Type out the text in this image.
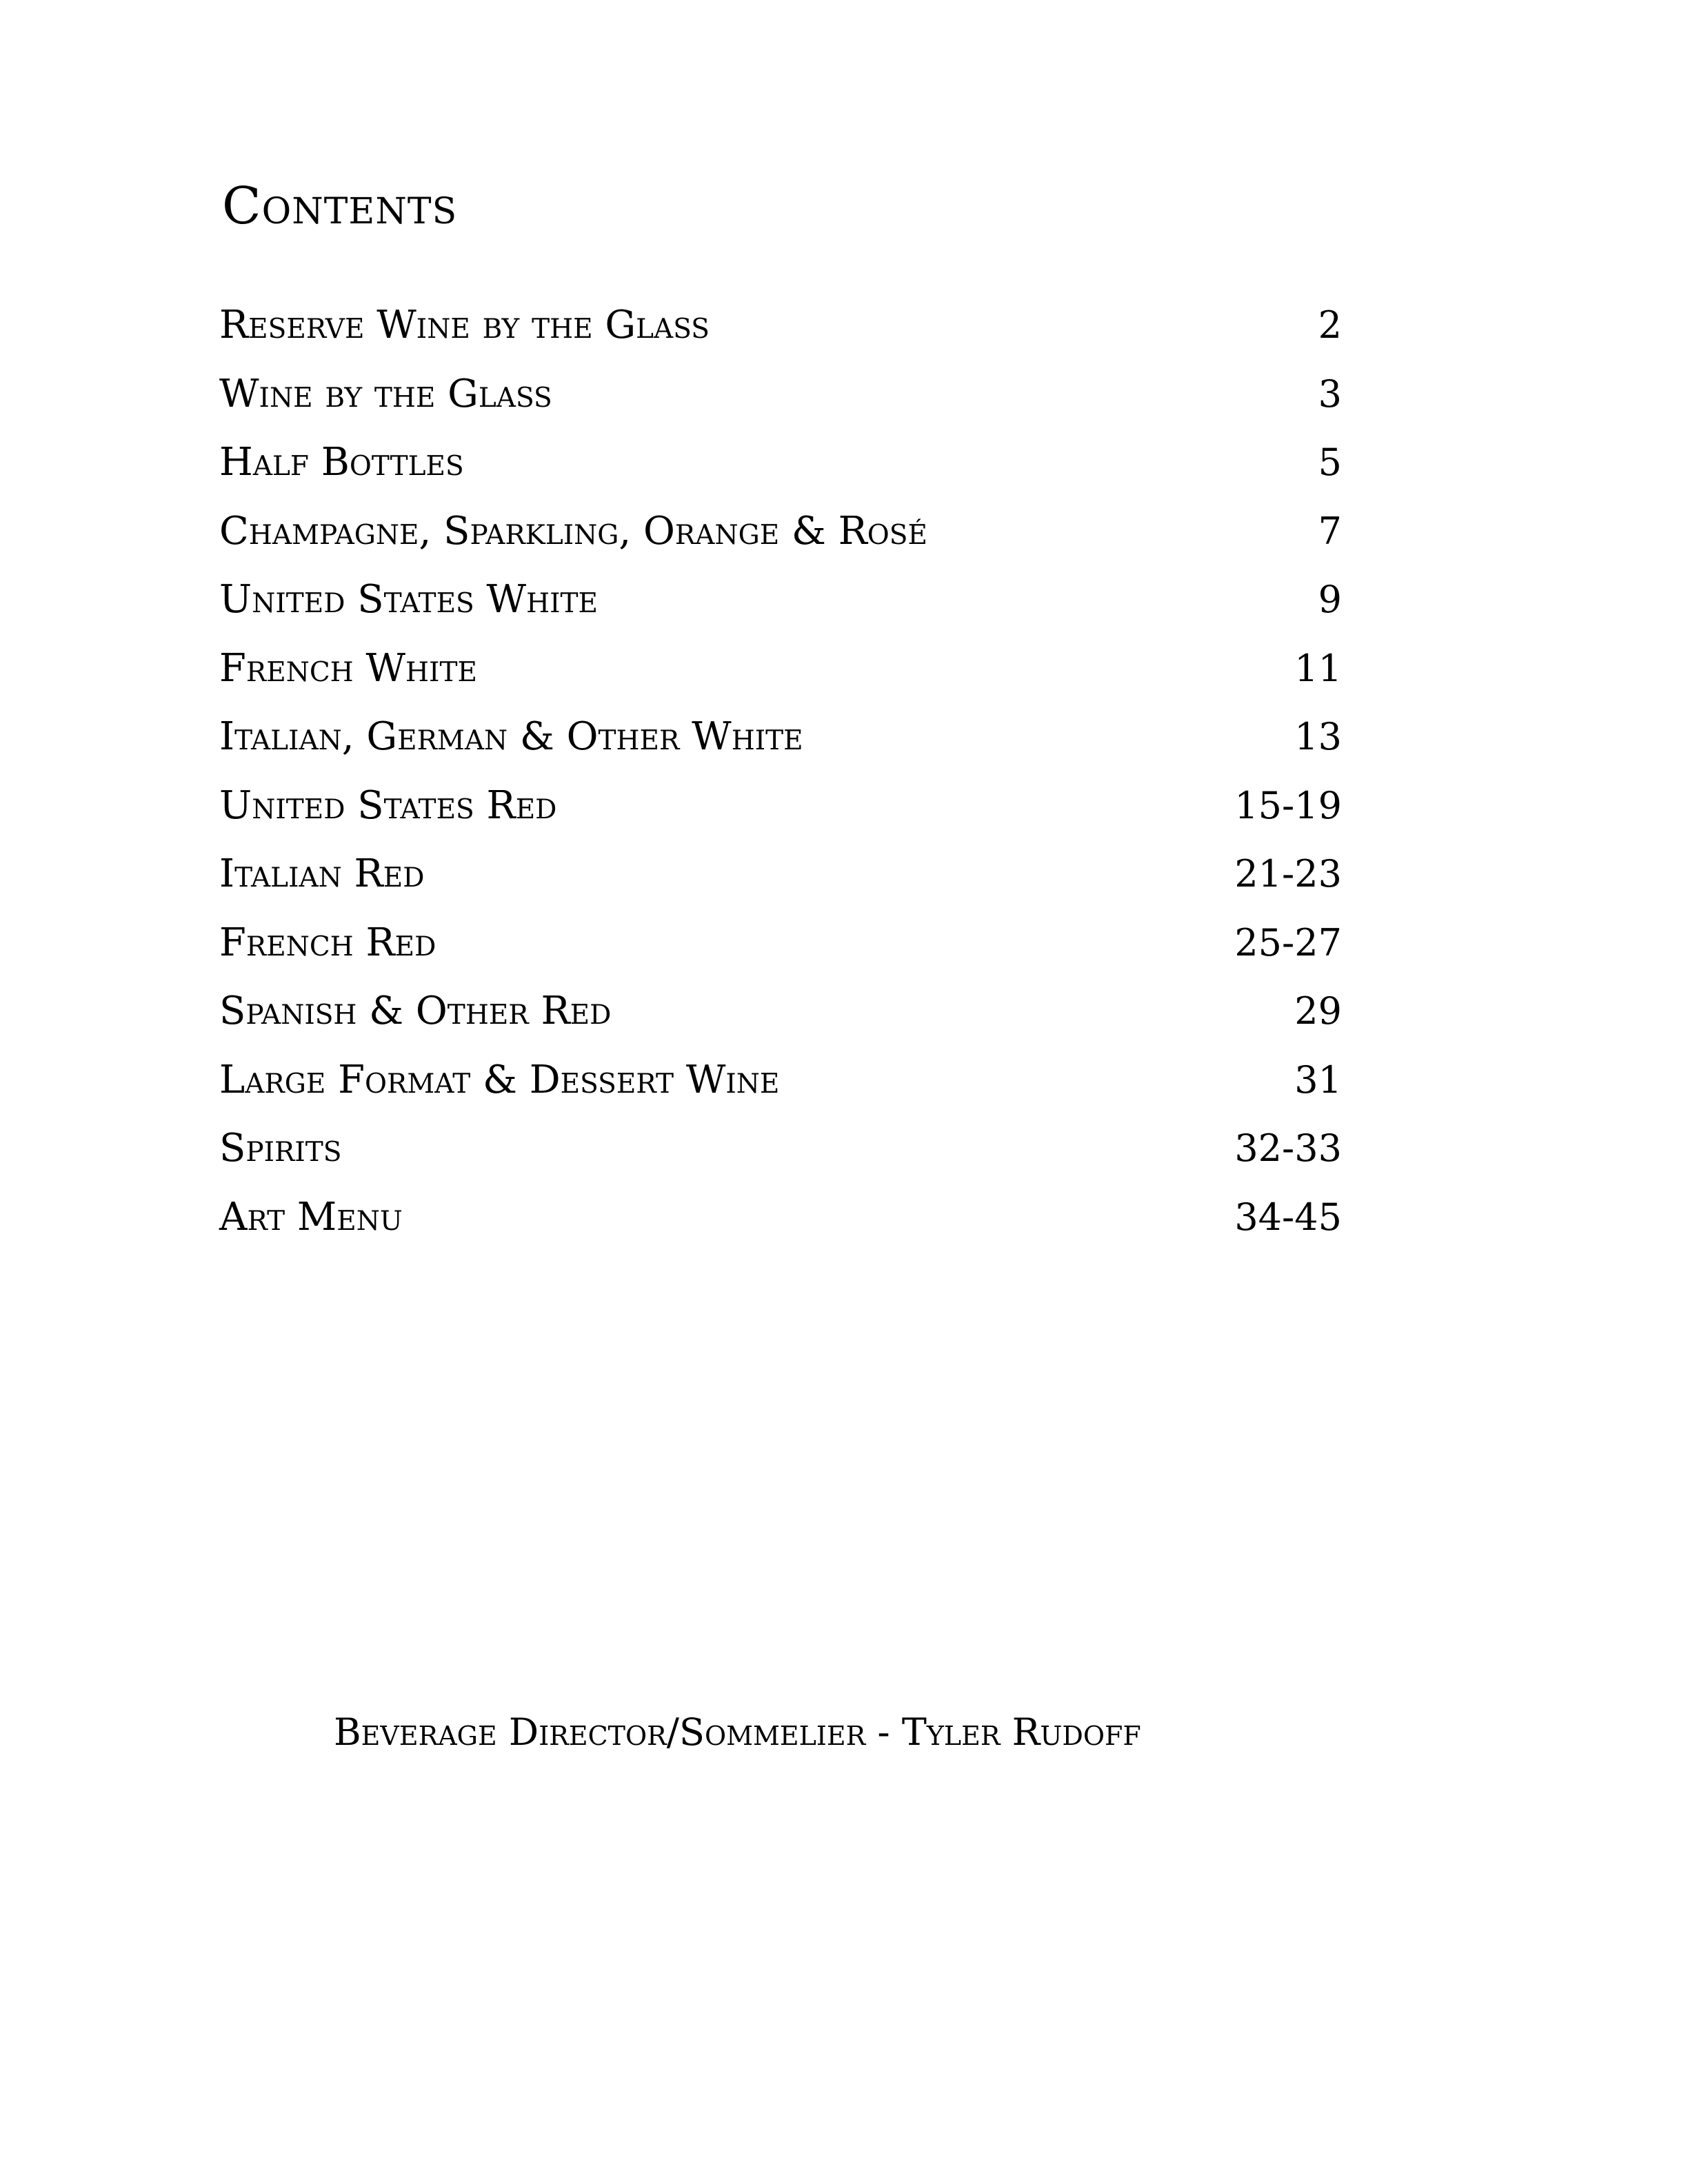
Contents
Reserve Wine by the Glass	2
Wine by the Glass	3
Half Bottles	5
Champagne, Sparkling, Orange & Rosé	7
United States White	9
French White	11
Italian, German & Other White	13
United States Red	15-19
Italian Red	21-23
French Red	25-27
Spanish & Other Red	29
Large Format & Dessert Wine	31
Spirits	32-33
Art Menu	34-45
Beverage Director/Sommelier - Tyler Rudoff
